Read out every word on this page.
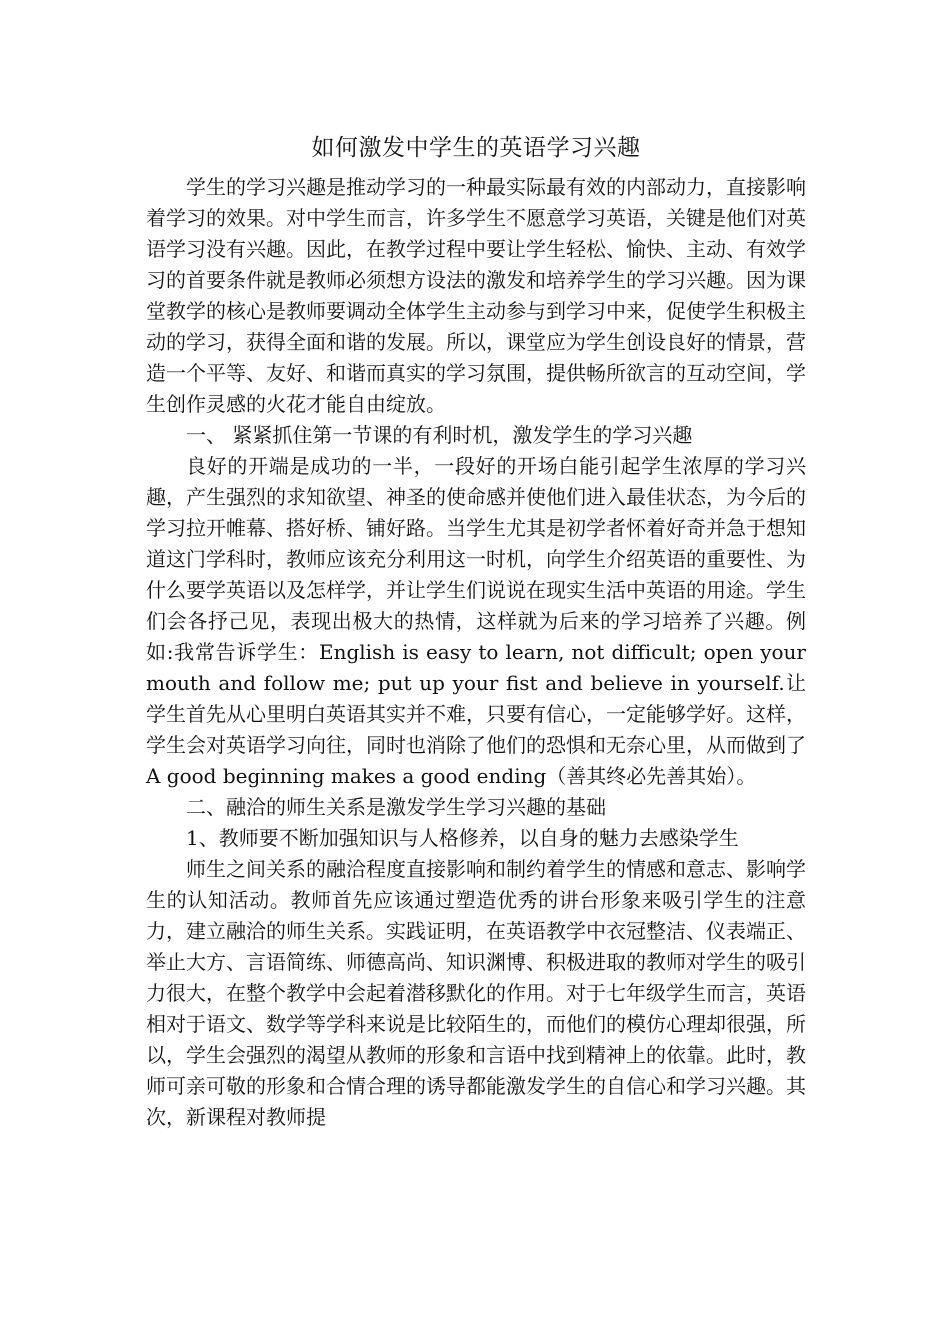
如何激发中学生的英语学习兴趣

学生的学习兴趣是推动学习的一种最实际最有效的内部动力，直接影响着学习的效果。对中学生而言，许多学生不愿意学习英语，关键是他们对英语学习没有兴趣。因此，在教学过程中要让学生轻松、愉快、主动、有效学习的首要条件就是教师必须想方设法的激发和培养学生的学习兴趣。因为课堂教学的核心是教师要调动全体学生主动参与到学习中来，促使学生积极主动的学习，获得全面和谐的发展。所以，课堂应为学生创设良好的情景，营造一个平等、友好、和谐而真实的学习氛围，提供畅所欲言的互动空间，学生创作灵感的火花才能自由绽放。

一、 紧紧抓住第一节课的有利时机，激发学生的学习兴趣

良好的开端是成功的一半，一段好的开场白能引起学生浓厚的学习兴趣，产生强烈的求知欲望、神圣的使命感并使他们进入最佳状态，为今后的学习拉开帷幕、搭好桥、铺好路。当学生尤其是初学者怀着好奇并急于想知道这门学科时，教师应该充分利用这一时机，向学生介绍英语的重要性、为什么要学英语以及怎样学，并让学生们说说在现实生活中英语的用途。学生们会各抒己见，表现出极大的热情，这样就为后来的学习培养了兴趣。例如:我常告诉学生：English is easy to learn, not difficult; open your mouth and follow me; put up your fist and believe in yourself.让学生首先从心里明白英语其实并不难，只要有信心，一定能够学好。这样，学生会对英语学习向往，同时也消除了他们的恐惧和无奈心里，从而做到了 A good beginning makes a good ending（善其终必先善其始）。

二、融洽的师生关系是激发学生学习兴趣的基础

1、教师要不断加强知识与人格修养，以自身的魅力去感染学生

师生之间关系的融洽程度直接影响和制约着学生的情感和意志、影响学生的认知活动。教师首先应该通过塑造优秀的讲台形象来吸引学生的注意力，建立融洽的师生关系。实践证明，在英语教学中衣冠整洁、仪表端正、举止大方、言语简练、师德高尚、知识渊博、积极进取的教师对学生的吸引力很大，在整个教学中会起着潜移默化的作用。对于七年级学生而言，英语相对于语文、数学等学科来说是比较陌生的，而他们的模仿心理却很强，所以，学生会强烈的渴望从教师的形象和言语中找到精神上的依靠。此时，教师可亲可敬的形象和合情合理的诱导都能激发学生的自信心和学习兴趣。其次，新课程对教师提
